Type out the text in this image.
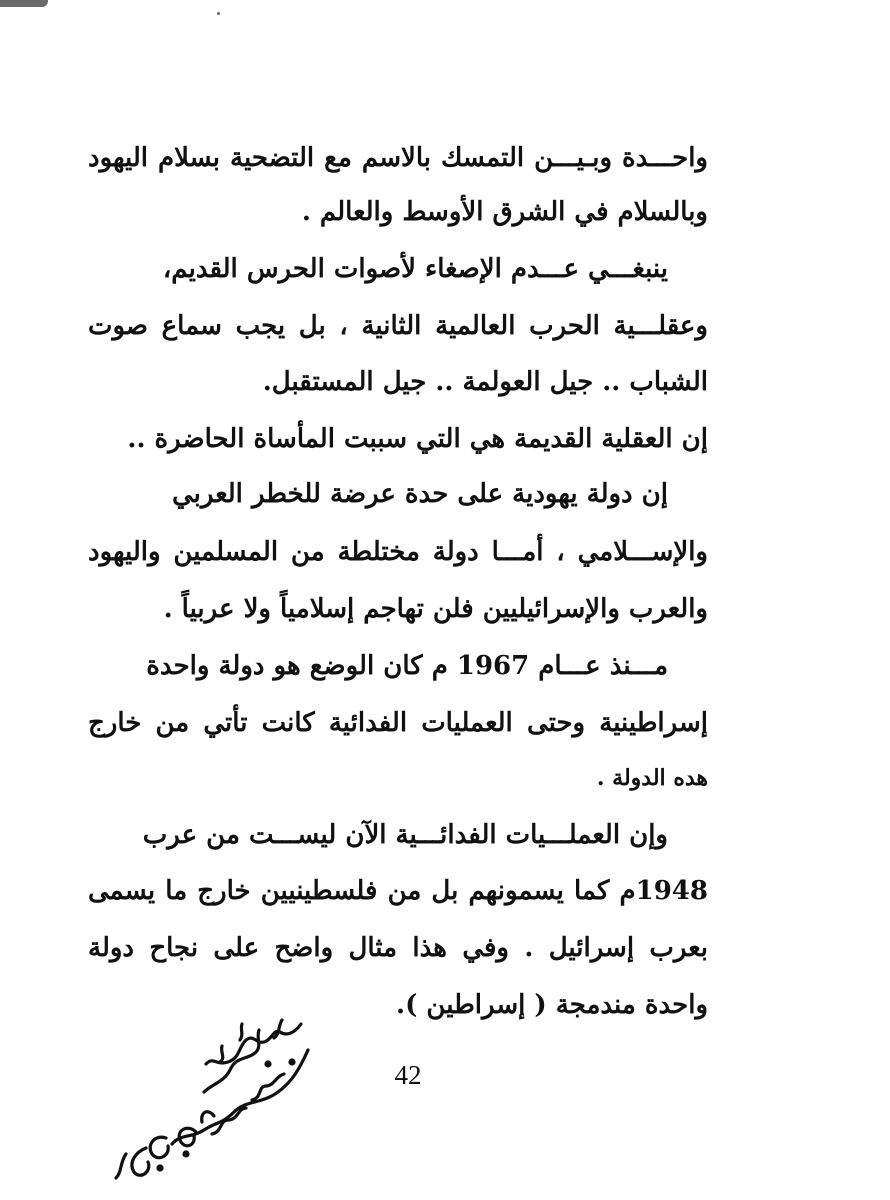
واحـــدة وبـيـــن التمسك بالاسم مع التضحية بسلام اليهود
وبالسلام في الشرق الأوسط والعالم .
ينبغـــي عـــدم الإصغاء لأصوات الحرس القديم،
وعقلـــية الحرب العالمية الثانية ، بل يجب سماع صوت
الشباب .. جيل العولمة .. جيل المستقبل.
إن العقلية القديمة هي التي سببت المأساة الحاضرة ..
إن دولة يهودية على حدة عرضة للخطر العربي
والإســـلامي ، أمـــا دولة مختلطة من المسلمين واليهود
والعرب والإسرائيليين فلن تهاجم إسلامياً ولا عربياً .
مـــنذ عـــام 1967 م كان الوضع هو دولة واحدة
إسراطينية وحتى العمليات الفدائية كانت تأتي من خارج
هده الدولة .
وإن العملـــيات الفدائـــية الآن ليســـت من عرب
1948م كما يسمونهم بل من فلسطينيين خارج ما يسمى
بعرب إسرائيل . وفي هذا مثال واضح على نجاح دولة
واحدة مندمجة ( إسراطين ).
42
